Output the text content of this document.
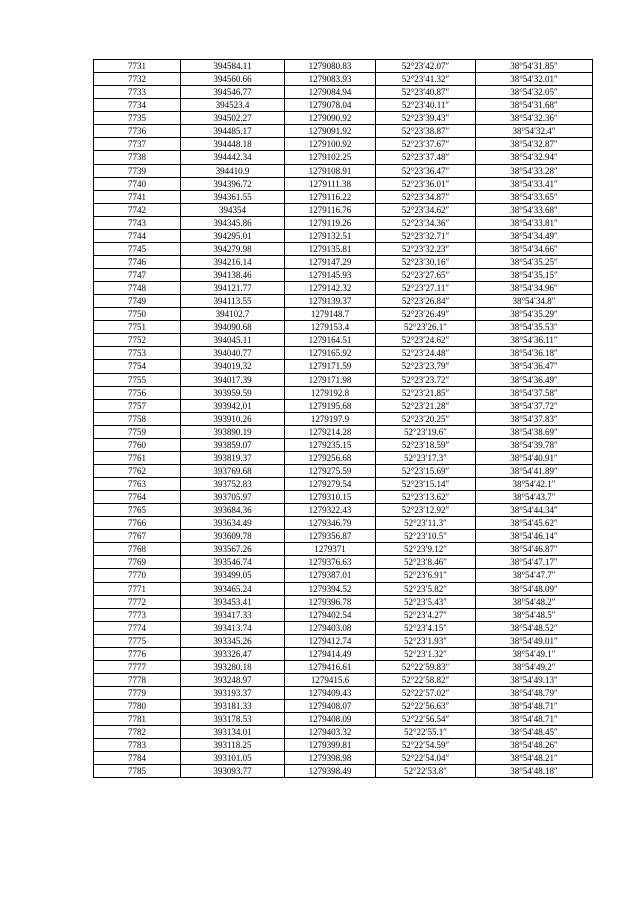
7731	394584.11	1279080.83	52°23′42.07″	38°54′31.85″
7732	394560.66	1279083.93	52°23′41.32″	38°54′32.01″
7733	394546.77	1279084.94	52°23′40.87″	38°54′32.05″
7734	394523.4	1279078.04	52°23′40.11″	38°54′31.68″
7735	394502.27	1279090.92	52°23′39.43″	38°54′32.36″
7736	394485.17	1279091.92	52°23′38.87″	38°54′32.4″
7737	394448.18	1279100.92	52°23′37.67″	38°54′32.87″
7738	394442.34	1279102.25	52°23′37.48″	38°54′32.94″
7739	394410.9	1279108.91	52°23′36.47″	38°54′33.28″
7740	394396.72	1279111.38	52°23′36.01″	38°54′33.41″
7741	394361.55	1279116.22	52°23′34.87″	38°54′33.65″
7742	394354	1279116.76	52°23′34.62″	38°54′33.68″
7743	394345.86	1279119.26	52°23′34.36″	38°54′33.81″
7744	394295.01	1279132.51	52°23′32.71″	38°54′34.49″
7745	394279.98	1279135.81	52°23′32.23″	38°54′34.66″
7746	394216.14	1279147.29	52°23′30.16″	38°54′35.25″
7747	394138.46	1279145.93	52°23′27.65″	38°54′35.15″
7748	394121.77	1279142.32	52°23′27.11″	38°54′34.96″
7749	394113.55	1279139.37	52°23′26.84″	38°54′34.8″
7750	394102.7	1279148.7	52°23′26.49″	38°54′35.29″
7751	394090.68	1279153.4	52°23′26.1″	38°54′35.53″
7752	394045.11	1279164.51	52°23′24.62″	38°54′36.11″
7753	394040.77	1279165.92	52°23′24.48″	38°54′36.18″
7754	394019.32	1279171.59	52°23′23.79″	38°54′36.47″
7755	394017.39	1279171.98	52°23′23.72″	38°54′36.49″
7756	393959.59	1279192.8	52°23′21.85″	38°54′37.58″
7757	393942.01	1279195.68	52°23′21.28″	38°54′37.72″
7758	393910.26	1279197.9	52°23′20.25″	38°54′37.83″
7759	393890.19	1279214.28	52°23′19.6″	38°54′38.69″
7760	393859.07	1279235.15	52°23′18.59″	38°54′39.78″
7761	393819.37	1279256.68	52°23′17.3″	38°54′40.91″
7762	393769.68	1279275.59	52°23′15.69″	38°54′41.89″
7763	393752.83	1279279.54	52°23′15.14″	38°54′42.1″
7764	393705.97	1279310.15	52°23′13.62″	38°54′43.7″
7765	393684.36	1279322.43	52°23′12.92″	38°54′44.34″
7766	393634.49	1279346.79	52°23′11.3″	38°54′45.62″
7767	393609.78	1279356.87	52°23′10.5″	38°54′46.14″
7768	393567.26	1279371	52°23′9.12″	38°54′46.87″
7769	393546.74	1279376.63	52°23′8.46″	38°54′47.17″
7770	393499.05	1279387.01	52°23′6.91″	38°54′47.7″
7771	393465.24	1279394.52	52°23′5.82″	38°54′48.09″
7772	393453.41	1279396.78	52°23′5.43″	38°54′48.2″
7773	393417.33	1279402.54	52°23′4.27″	38°54′48.5″
7774	393413.74	1279403.08	52°23′4.15″	38°54′48.52″
7775	393345.26	1279412.74	52°23′1.93″	38°54′49.01″
7776	393326.47	1279414.49	52°23′1.32″	38°54′49.1″
7777	393280.18	1279416.61	52°22′59.83″	38°54′49.2″
7778	393248.97	1279415.6	52°22′58.82″	38°54′49.13″
7779	393193.37	1279409.43	52°22′57.02″	38°54′48.79″
7780	393181.33	1279408.07	52°22′56.63″	38°54′48.71″
7781	393178.53	1279408.09	52°22′56.54″	38°54′48.71″
7782	393134.01	1279403.32	52°22′55.1″	38°54′48.45″
7783	393118.25	1279399.81	52°22′54.59″	38°54′48.26″
7784	393101.05	1279398.98	52°22′54.04″	38°54′48.21″
7785	393093.77	1279398.49	52°22′53.8″	38°54′48.18″
